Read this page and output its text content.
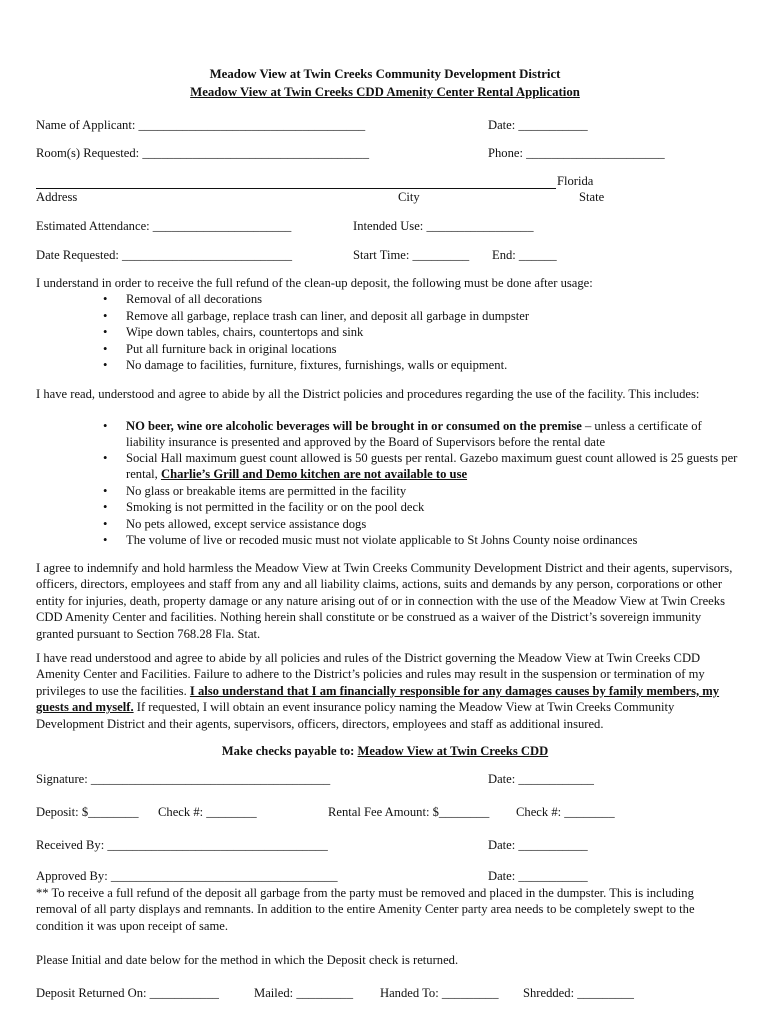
Meadow View at Twin Creeks Community Development District
Meadow View at Twin Creeks CDD Amenity Center Rental Application
Name of Applicant: ____________________________________	Date: ___________
Room(s) Requested: ____________________________________	Phone: ______________________
Florida
Address	City	State
Estimated Attendance: ______________________	Intended Use: _________________
Date Requested: ___________________________	Start Time: _________ End: ______
I understand in order to receive the full refund of the clean-up deposit, the following must be done after usage:
• Removal of all decorations
• Remove all garbage, replace trash can liner, and deposit all garbage in dumpster
• Wipe down tables, chairs, countertops and sink
• Put all furniture back in original locations
• No damage to facilities, furniture, fixtures, furnishings, walls or equipment.
I have read, understood and agree to abide by all the District policies and procedures regarding the use of the facility. This includes:
• NO beer, wine ore alcoholic beverages will be brought in or consumed on the premise – unless a certificate of liability insurance is presented and approved by the Board of Supervisors before the rental date
• Social Hall maximum guest count allowed is 50 guests per rental. Gazebo maximum guest count allowed is 25 guests per rental, Charlie’s Grill and Demo kitchen are not available to use
• No glass or breakable items are permitted in the facility
• Smoking is not permitted in the facility or on the pool deck
• No pets allowed, except service assistance dogs
• The volume of live or recoded music must not violate applicable to St Johns County noise ordinances
I agree to indemnify and hold harmless the Meadow View at Twin Creeks Community Development District and their agents, supervisors, officers, directors, employees and staff from any and all liability claims, actions, suits and demands by any person, corporations or other entity for injuries, death, property damage or any nature arising out of or in connection with the use of the Meadow View at Twin Creeks CDD Amenity Center and facilities. Nothing herein shall constitute or be construed as a waiver of the District’s sovereign immunity granted pursuant to Section 768.28 Fla. Stat.
I have read understood and agree to abide by all policies and rules of the District governing the Meadow View at Twin Creeks CDD Amenity Center and Facilities. Failure to adhere to the District’s policies and rules may result in the suspension or termination of my privileges to use the facilities. I also understand that I am financially responsible for any damages causes by family members, my guests and myself. If requested, I will obtain an event insurance policy naming the Meadow View at Twin Creeks Community Development District and their agents, supervisors, officers, directors, employees and staff as additional insured.
Make checks payable to: Meadow View at Twin Creeks CDD
Signature: ______________________________________	Date: ____________
Deposit: $________ Check #: ________	Rental Fee Amount: $________ Check #: ________
Received By: ___________________________________	Date: ___________
Approved By: ____________________________________	Date: ___________
** To receive a full refund of the deposit all garbage from the party must be removed and placed in the dumpster. This is including removal of all party displays and remnants. In addition to the entire Amenity Center party area needs to be completely swept to the condition it was upon receipt of same.
Please Initial and date below for the method in which the Deposit check is returned.
Deposit Returned On: ___________	Mailed: _________ Handed To: _________ Shredded: _________
